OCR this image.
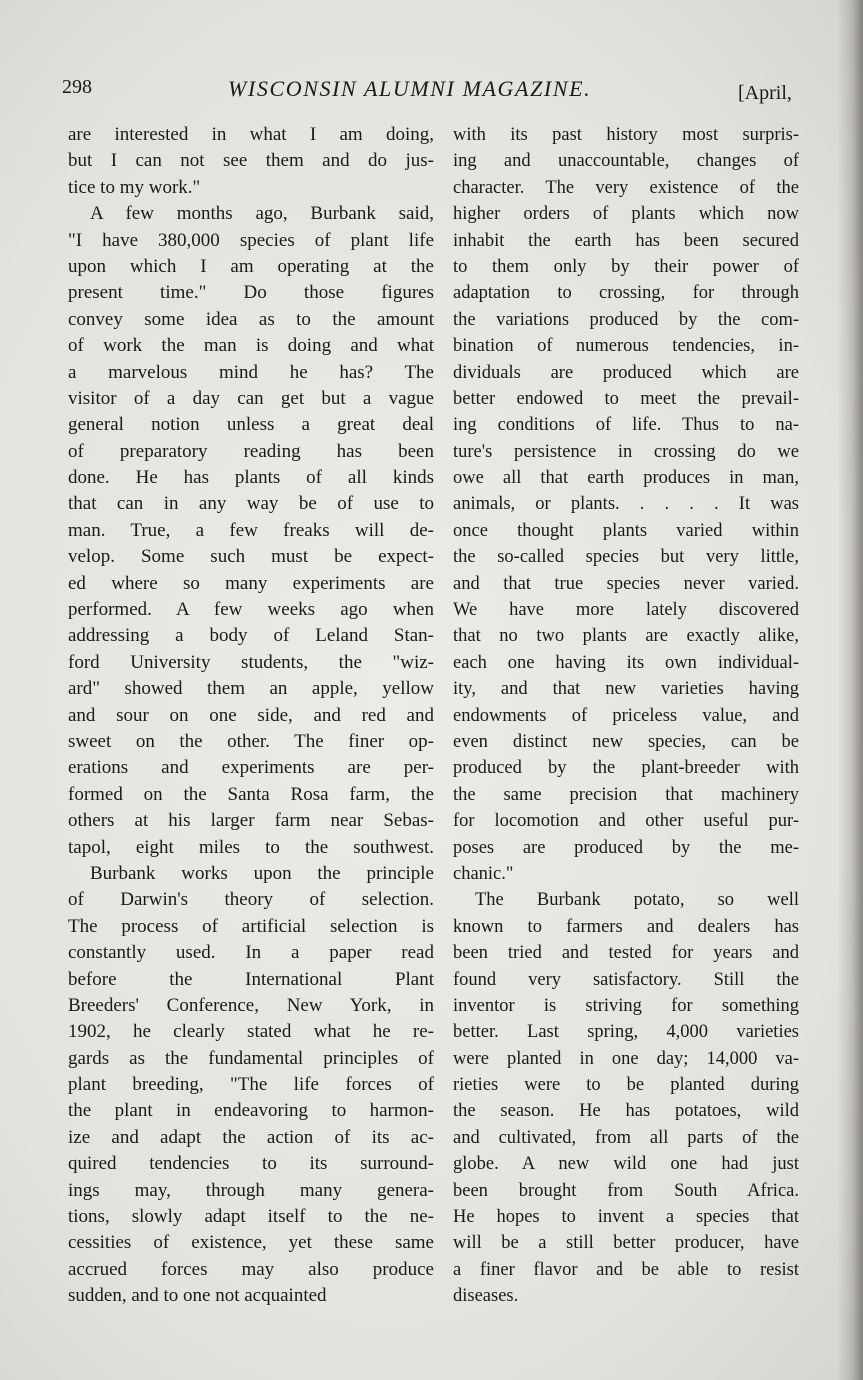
298	WISCONSIN ALUMNI MAGAZINE.	[April,
are interested in what I am doing,
but I can not see them and do jus-
tice to my work."
A few months ago, Burbank said,
"I have 380,000 species of plant life
upon which I am operating at the
present time." Do those figures
convey some idea as to the amount
of work the man is doing and what
a marvelous mind he has? The
visitor of a day can get but a vague
general notion unless a great deal
of preparatory reading has been
done. He has plants of all kinds
that can in any way be of use to
man. True, a few freaks will de-
velop. Some such must be expect-
ed where so many experiments are
performed. A few weeks ago when
addressing a body of Leland Stan-
ford University students, the "wiz-
ard" showed them an apple, yellow
and sour on one side, and red and
sweet on the other. The finer op-
erations and experiments are per-
formed on the Santa Rosa farm, the
others at his larger farm near Sebas-
tapol, eight miles to the southwest.
Burbank works upon the principle
of Darwin's theory of selection.
The process of artificial selection is
constantly used. In a paper read
before the International Plant
Breeders' Conference, New York, in
1902, he clearly stated what he re-
gards as the fundamental principles of
plant breeding, "The life forces of
the plant in endeavoring to harmon-
ize and adapt the action of its ac-
quired tendencies to its surround-
ings may, through many genera-
tions, slowly adapt itself to the ne-
cessities of existence, yet these same
accrued forces may also produce
sudden, and to one not acquainted
with its past history most surpris-
ing and unaccountable, changes of
character. The very existence of the
higher orders of plants which now
inhabit the earth has been secured
to them only by their power of
adaptation to crossing, for through
the variations produced by the com-
bination of numerous tendencies, in-
dividuals are produced which are
better endowed to meet the prevail-
ing conditions of life. Thus to na-
ture's persistence in crossing do we
owe all that earth produces in man,
animals, or plants. . . . . It was
once thought plants varied within
the so-called species but very little,
and that true species never varied.
We have more lately discovered
that no two plants are exactly alike,
each one having its own individual-
ity, and that new varieties having
endowments of priceless value, and
even distinct new species, can be
produced by the plant-breeder with
the same precision that machinery
for locomotion and other useful pur-
poses are produced by the me-
chanic."
The Burbank potato, so well
known to farmers and dealers has
been tried and tested for years and
found very satisfactory. Still the
inventor is striving for something
better. Last spring, 4,000 varieties
were planted in one day; 14,000 va-
rieties were to be planted during
the season. He has potatoes, wild
and cultivated, from all parts of the
globe. A new wild one had just
been brought from South Africa.
He hopes to invent a species that
will be a still better producer, have
a finer flavor and be able to resist
diseases.
